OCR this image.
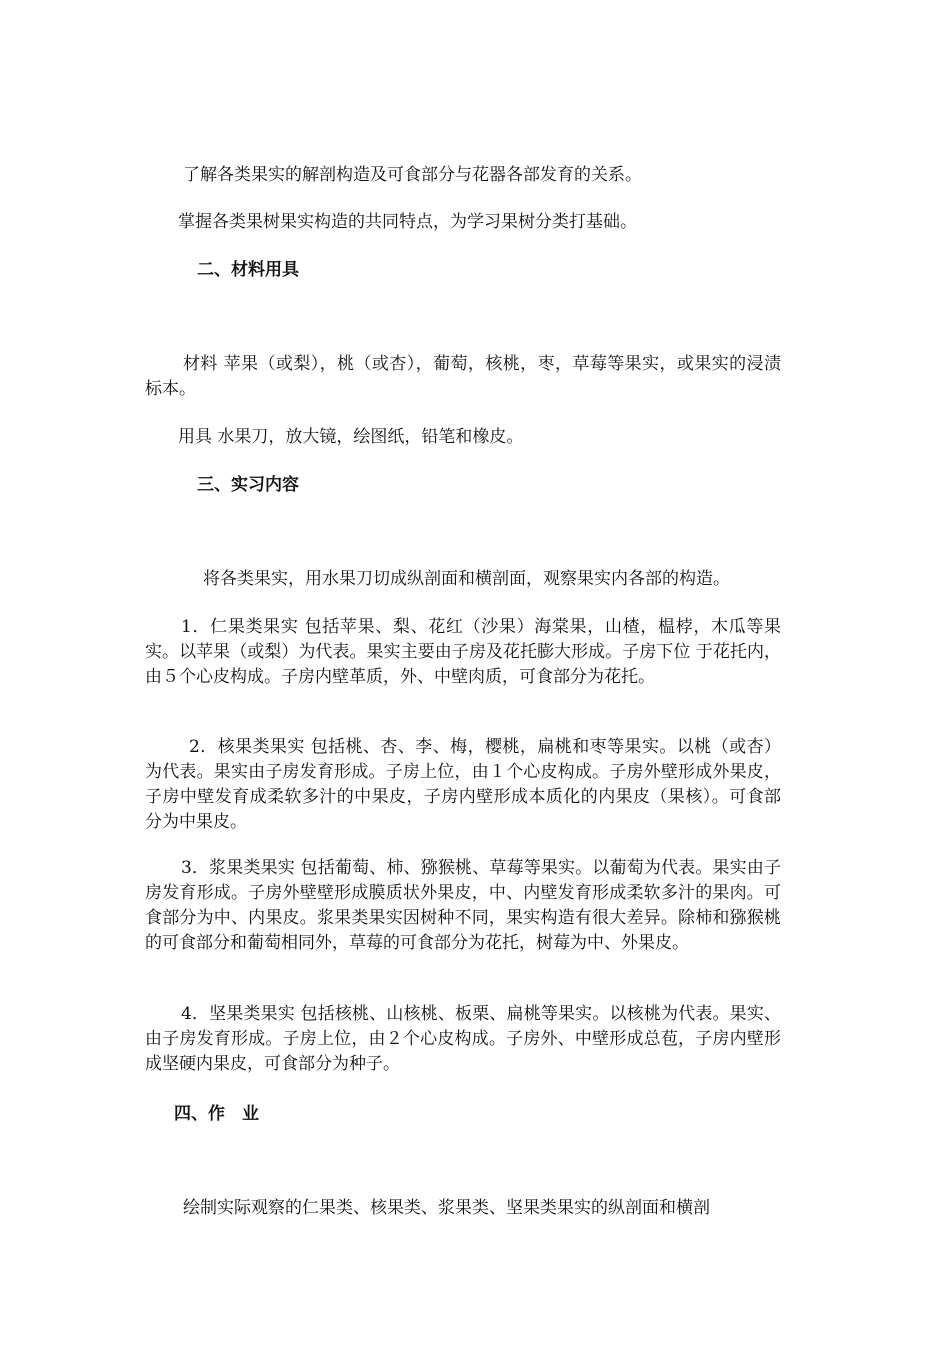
了解各类果实的解剖构造及可食部分与花器各部发育的关系。

掌握各类果树果实构造的共同特点，为学习果树分类打基础。

二、材料用具

材料 苹果（或梨），桃（或杏），葡萄，核桃，枣，草莓等果实，或果实的浸渍标本。

用具 水果刀，放大镜，绘图纸，铅笔和橡皮。

三、实习内容

将各类果实，用水果刀切成纵剖面和横剖面，观察果实内各部的构造。

1．仁果类果实 包括苹果、梨、花红（沙果）海棠果，山楂，榅桲，木瓜等果实。以苹果（或梨）为代表。果实主要由子房及花托膨大形成。子房下位 于花托内，由５个心皮构成。子房内壁革质，外、中壁肉质，可食部分为花托。

2．核果类果实 包括桃、杏、李、梅，樱桃，扁桃和枣等果实。以桃（或杏）为代表。果实由子房发育形成。子房上位，由１个心皮构成。子房外壁形成外果皮，子房中壁发育成柔软多汁的中果皮，子房内壁形成本质化的内果皮（果核）。可食部分为中果皮。

3．浆果类果实 包括葡萄、柿、猕猴桃、草莓等果实。以葡萄为代表。果实由子房发育形成。子房外壁壁形成膜质状外果皮，中、内壁发育形成柔软多汁的果肉。可食部分为中、内果皮。浆果类果实因树种不同，果实构造有很大差异。除柿和猕猴桃的可食部分和葡萄相同外，草莓的可食部分为花托，树莓为中、外果皮。

4．坚果类果实 包括核桃、山核桃、板栗、扁桃等果实。以核桃为代表。果实、由子房发育形成。子房上位，由２个心皮构成。子房外、中壁形成总苞，子房内壁形成坚硬内果皮，可食部分为种子。

四、作　业

绘制实际观察的仁果类、核果类、浆果类、坚果类果实的纵剖面和横剖
